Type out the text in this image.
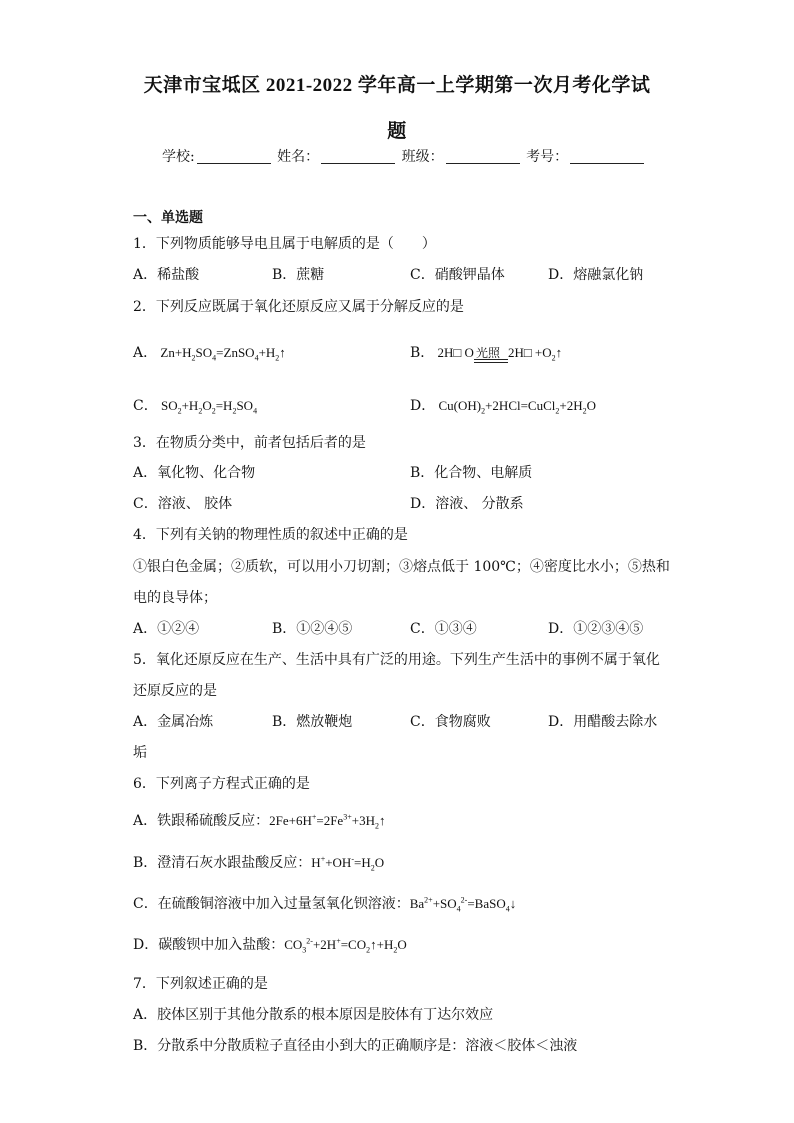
天津市宝坻区 2021-2022 学年高一上学期第一次月考化学试
题
学校:	姓名：	班级：	考号：
一、单选题
1．下列物质能够导电且属于电解质的是（　　）
A．稀盐酸	B．蔗糖	C．硝酸钾晶体	D．熔融氯化钠
2．下列反应既属于氧化还原反应又属于分解反应的是
A． $Zn+H_2SO_4=ZnSO_4+H_2↑$	B． 2H□ O 光照 2H□ $+O_2↑$
C． $SO_2+H_2O_2=H_2SO_4$	D． $Cu(OH)_2+2HCl=CuCl_2+2H_2O$
3．在物质分类中，前者包括后者的是
A．氧化物、化合物	B．化合物、电解质
C．溶液、 胶体	D．溶液、 分散系
4．下列有关钠的物理性质的叙述中正确的是
①银白色金属；②质软，可以用小刀切割；③熔点低于 100℃；④密度比水小；⑤热和
电的良导体；
A．①②④	B．①②④⑤	C．①③④	D．①②③④⑤
5．氧化还原反应在生产、生活中具有广泛的用途。下列生产生活中的事例不属于氧化
还原反应的是
A．金属冶炼	B．燃放鞭炮	C．食物腐败	D．用醋酸去除水
垢
6．下列离子方程式正确的是
A．铁跟稀硫酸反应：$2Fe+6H^+=2Fe^{3+}+3H_2↑$
B．澄清石灰水跟盐酸反应：$H^++OH^-=H_2O$
C．在硫酸铜溶液中加入过量氢氧化钡溶液：$Ba^{2+}+SO_4^{2-}=BaSO_4↓$
D．碳酸钡中加入盐酸：$CO_3^{2-}+2H^+=CO_2↑+H_2O$
7．下列叙述正确的是
A．胶体区别于其他分散系的根本原因是胶体有丁达尔效应
B．分散系中分散质粒子直径由小到大的正确顺序是：溶液＜胶体＜浊液
